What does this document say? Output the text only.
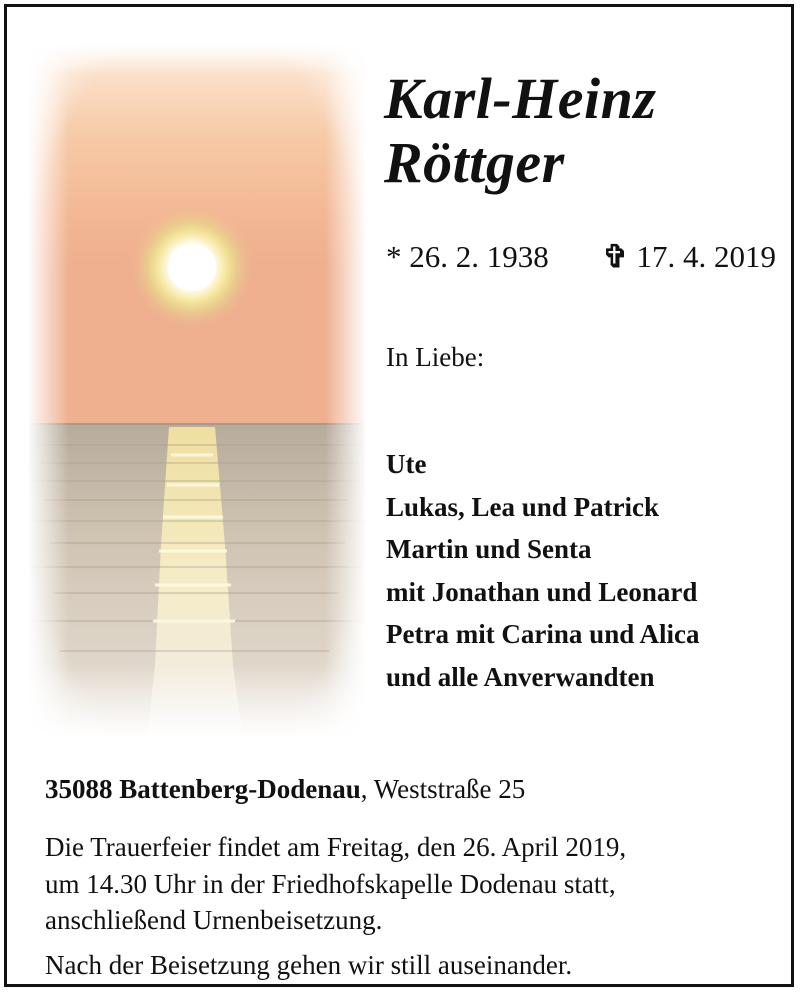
Karl-Heinz
Röttger
* 26. 2. 1938 ✞ 17. 4. 2019
In Liebe:
Ute
Lukas, Lea und Patrick
Martin und Senta
mit Jonathan und Leonard
Petra mit Carina und Alica
und alle Anverwandten
35088 Battenberg-Dodenau, Weststraße 25
Die Trauerfeier findet am Freitag, den 26. April 2019,
um 14.30 Uhr in der Friedhofskapelle Dodenau statt,
anschließend Urnenbeisetzung.
Nach der Beisetzung gehen wir still auseinander.
